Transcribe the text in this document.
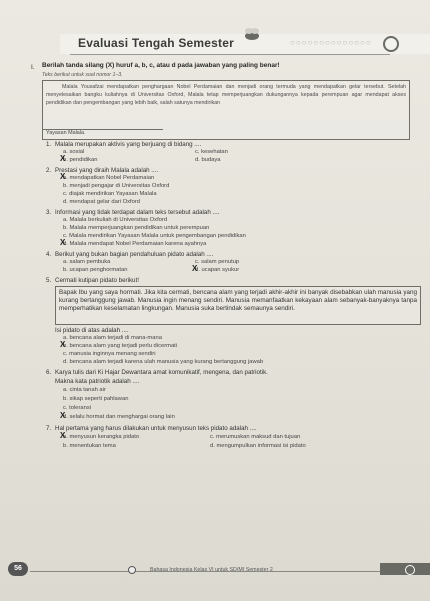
Evaluasi Tengah Semester	○○○○○○○○○○○○○○
I. Berilah tanda silang (X) huruf a, b, c, atau d pada jawaban yang paling benar!
Teks berikut untuk soal nomor 1–3.
Malala Yousafzai mendapatkan penghargaan Nobel Perdamaian dan menjadi orang termuda yang mendapatkan gelar tersebut. Setelah menyelesaikan bangku kuliahnya di Universitas Oxford, Malala tetap memperjuangkan dukungannya kepada perempuan agar mendapat akses pendidikan dan pengembangan yang lebih baik, salah satunya mendirikan
Yayasan Malala.
1. Malala merupakan aktivis yang berjuang di bidang ....
a. sosial
b. pendidikan
c. kesehatan
d. budaya
X
2. Prestasi yang diraih Malala adalah ....
a. mendapatkan Nobel Perdamaian
b. menjadi pengajar di Universitas Oxford
c. diajak mendirikan Yayasan Malala
d. mendapat gelar dari Oxford
X
3. Informasi yang tidak terdapat dalam teks tersebut adalah ....
a. Malala berkuliah di Universitas Oxford
b. Malala memperjuangkan pendidikan untuk perempuan
c. Malala mendirikan Yayasan Malala untuk pengembangan pendidikan
d. Malala mendapat Nobel Perdamaian karena ayahnya
X
4. Berikut yang bukan bagian pendahuluan pidato adalah ....
a. salam pembuka
b. ucapan penghormatan
c. salam penutup
d. ucapan syukur
X
5. Cermati kutipan pidato berikut!
Bapak Ibu yang saya hormati. Jika kita cermati, bencana alam yang terjadi akhir-akhir ini banyak disebabkan ulah manusia yang kurang bertanggung jawab. Manusia ingin menang sendiri. Manusia memanfaatkan kekayaan alam sebanyak-banyaknya tanpa memperhatikan keselamatan lingkungan. Manusia suka bertindak semaunya sendiri.
Isi pidato di atas adalah ....
a. bencana alam terjadi di mana-mana
b. bencana alam yang terjadi perlu dicermati
c. manusia inginnya menang sendiri
d. bencana alam terjadi karena ulah manusia yang kurang bertanggung jawab
X
6. Karya tulis dari Ki Hajar Dewantara amat komunikatif, mengena, dan patriotik.
Makna kata patriotik adalah ....
a. cinta tanah air
b. sikap seperti pahlawan
c. toleransi
d. selalu hormat dan menghargai orang lain
X
7. Hal pertama yang harus dilakukan untuk menyusun teks pidato adalah ....
a. menyusun kerangka pidato
b. menentukan tema
c. merumuskan maksud dan tujuan
d. mengumpulkan informasi isi pidato
X
56	Bahasa Indonesia Kelas VI untuk SD/MI Semester 2
